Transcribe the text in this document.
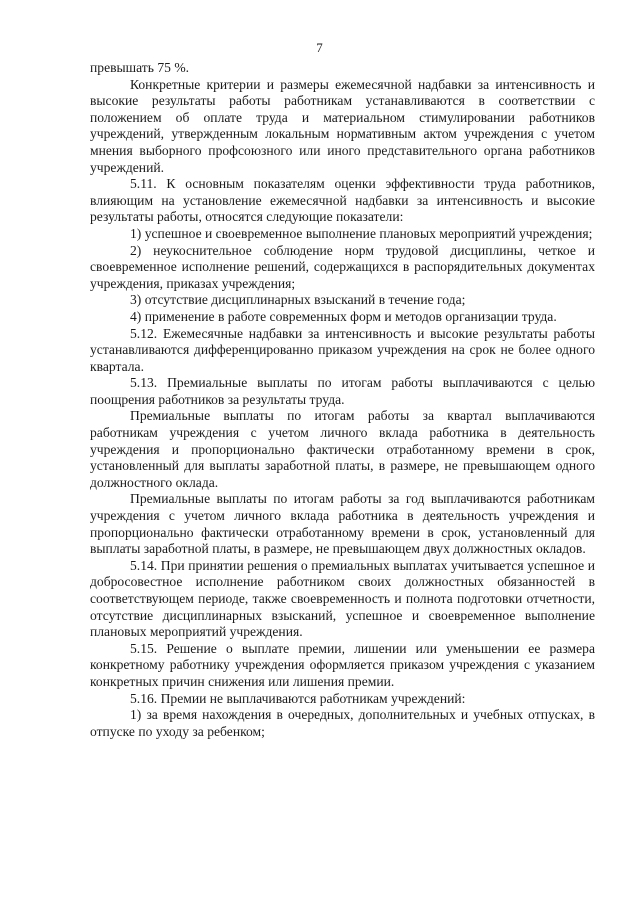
7

превышать 75 %.

Конкретные критерии и размеры ежемесячной надбавки за интенсивность и высокие результаты работы работникам устанавливаются в соответствии с положением об оплате труда и материальном стимулировании работников учреждений, утвержденным локальным нормативным актом учреждения с учетом мнения выборного профсоюзного или иного представительного органа работников учреждений.

5.11. К основным показателям оценки эффективности труда работников, влияющим на установление ежемесячной надбавки за интенсивность и высокие результаты работы, относятся следующие показатели:

1) успешное и своевременное выполнение плановых мероприятий учреждения;

2) неукоснительное соблюдение норм трудовой дисциплины, четкое и своевременное исполнение решений, содержащихся в распорядительных документах учреждения, приказах учреждения;

3) отсутствие дисциплинарных взысканий в течение года;

4) применение в работе современных форм и методов организации труда.

5.12. Ежемесячные надбавки за интенсивность и высокие результаты работы устанавливаются дифференцированно приказом учреждения на срок не более одного квартала.

5.13. Премиальные выплаты по итогам работы выплачиваются с целью поощрения работников за результаты труда.

Премиальные выплаты по итогам работы за квартал выплачиваются работникам учреждения с учетом личного вклада работника в деятельность учреждения и пропорционально фактически отработанному времени в срок, установленный для выплаты заработной платы, в размере, не превышающем одного должностного оклада.

Премиальные выплаты по итогам работы за год выплачиваются работникам учреждения с учетом личного вклада работника в деятельность учреждения и пропорционально фактически отработанному времени в срок, установленный для выплаты заработной платы, в размере, не превышающем двух должностных окладов.

5.14. При принятии решения о премиальных выплатах учитывается успешное и добросовестное исполнение работником своих должностных обязанностей в соответствующем периоде, также своевременность и полнота подготовки отчетности, отсутствие дисциплинарных взысканий, успешное и своевременное выполнение плановых мероприятий учреждения.

5.15. Решение о выплате премии, лишении или уменьшении ее размера конкретному работнику учреждения оформляется приказом учреждения с указанием конкретных причин снижения или лишения премии.

5.16. Премии не выплачиваются работникам учреждений:

1) за время нахождения в очередных, дополнительных и учебных отпусках, в отпуске по уходу за ребенком;
